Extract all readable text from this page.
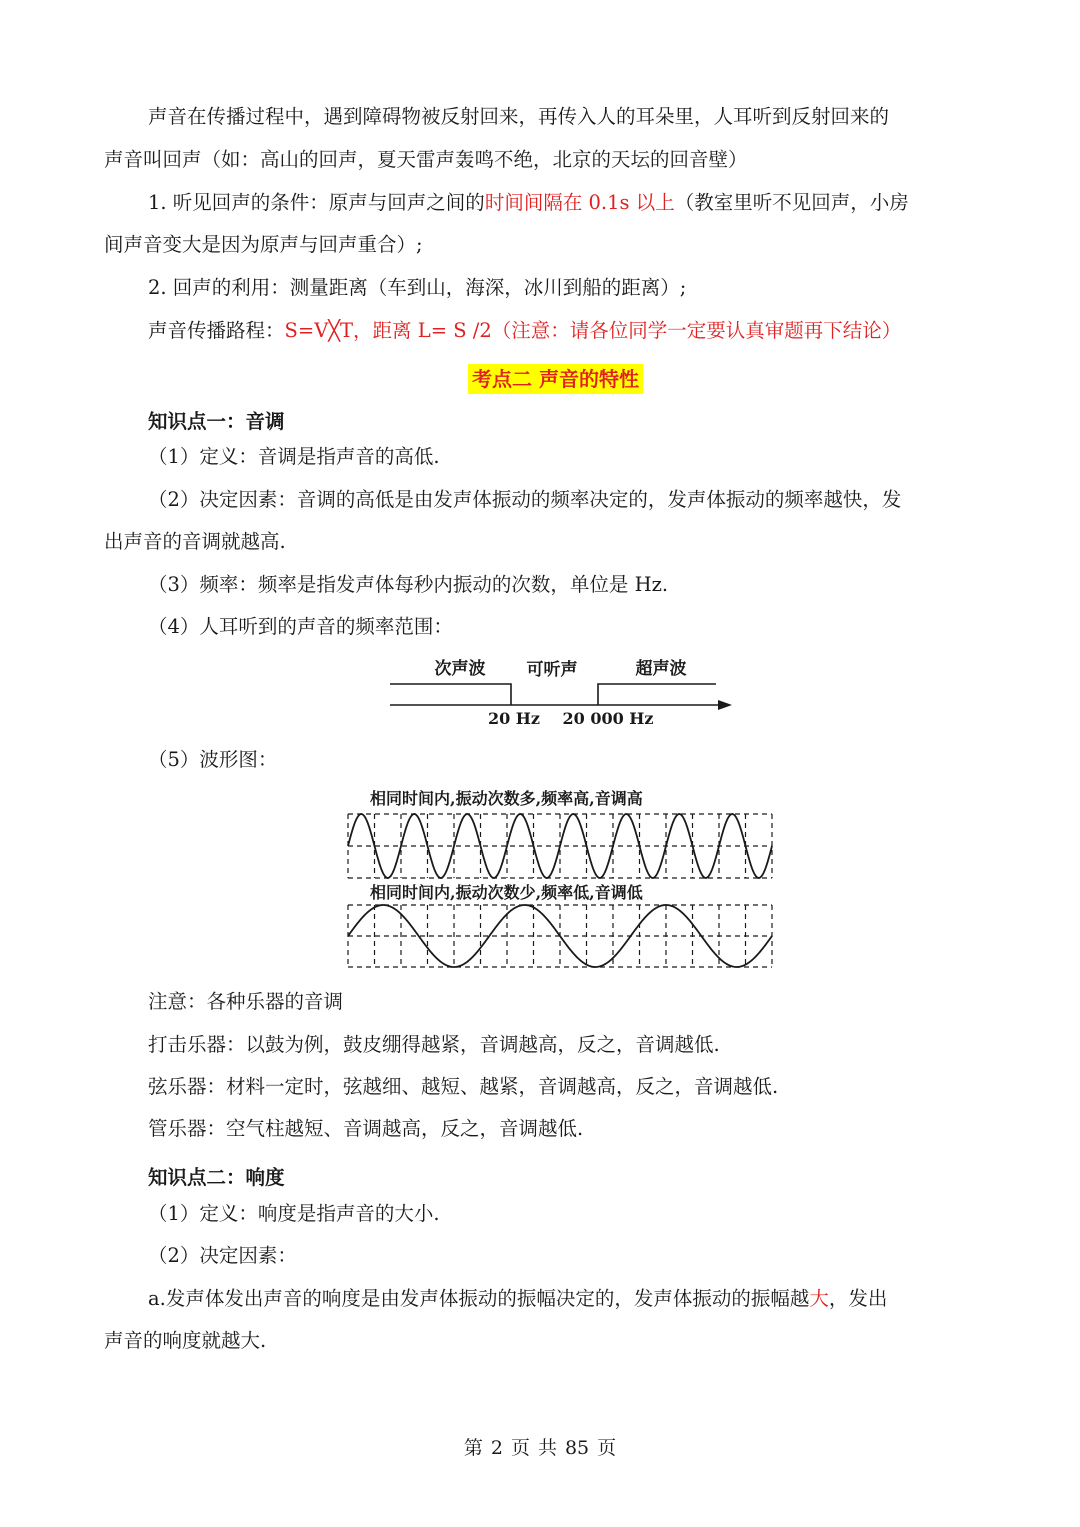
声音在传播过程中，遇到障碍物被反射回来，再传入人的耳朵里，人耳听到反射回来的
声音叫回声（如：高山的回声，夏天雷声轰鸣不绝，北京的天坛的回音壁）
1. 听见回声的条件：原声与回声之间的时间间隔在 0.1s 以上（教室里听不见回声，小房
间声音变大是因为原声与回声重合）;
2. 回声的利用：测量距离（车到山，海深，冰川到船的距离）;
声音传播路程：S=V╳T，距离 L= S /2（注意：请各位同学一定要认真审题再下结论）
考点二 声音的特性
知识点一：音调
（1）定义：音调是指声音的高低.
（2）决定因素：音调的高低是由发声体振动的频率决定的，发声体振动的频率越快，发
出声音的音调就越高.
（3）频率：频率是指发声体每秒内振动的次数，单位是 Hz.
（4）人耳听到的声音的频率范围：
次声波 可听声	超声波
20 Hz 20 000 Hz
（5）波形图：
相同时间内,振动次数多,频率高,音调高
相同时间内,振动次数少,频率低,音调低
注意：各种乐器的音调
打击乐器：以鼓为例，鼓皮绷得越紧，音调越高，反之，音调越低.
弦乐器：材料一定时，弦越细、越短、越紧，音调越高，反之，音调越低.
管乐器：空气柱越短、音调越高，反之，音调越低.
知识点二：响度
（1）定义：响度是指声音的大小.
（2）决定因素：
a.发声体发出声音的响度是由发声体振动的振幅决定的，发声体振动的振幅越大，发出
声音的响度就越大.
第 2 页 共 85 页
